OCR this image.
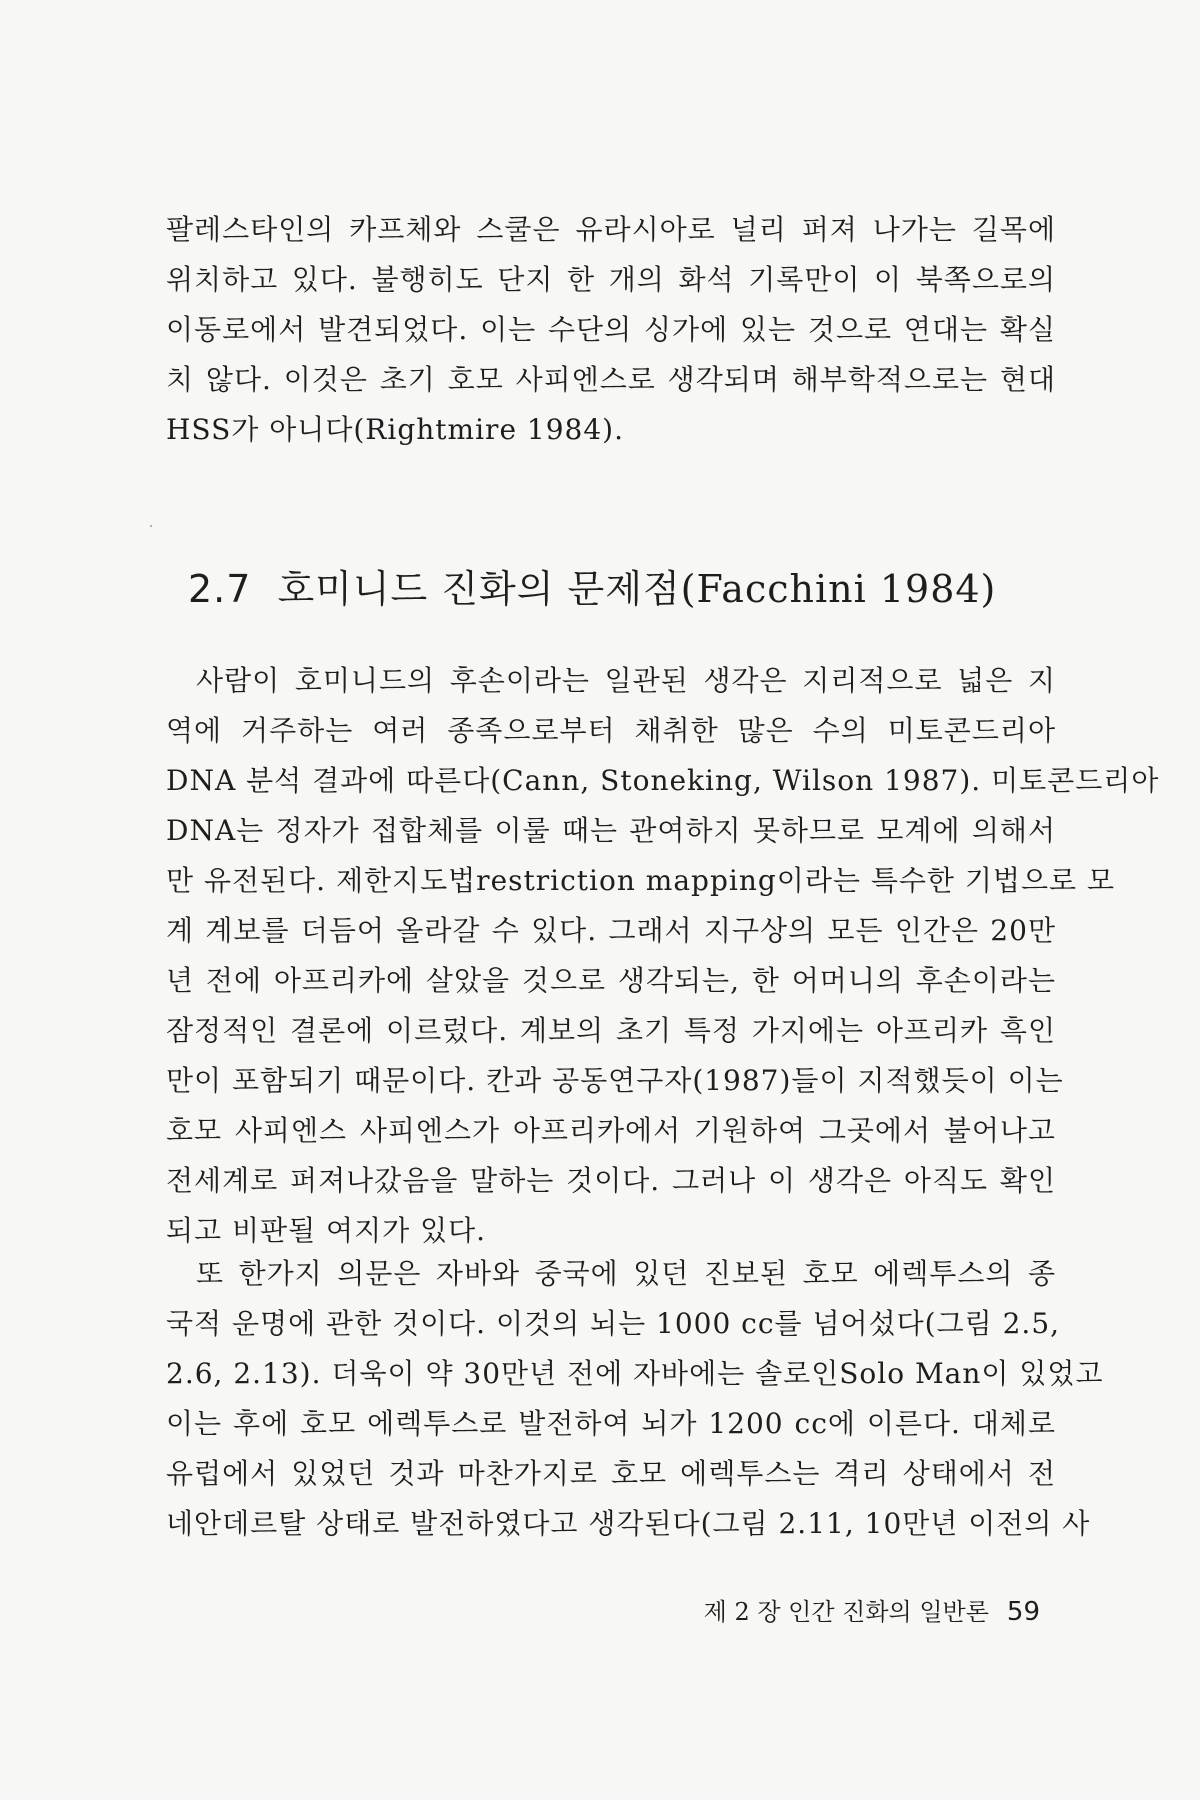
팔레스타인의 카프체와 스쿨은 유라시아로 널리 퍼져 나가는 길목에
위치하고 있다. 불행히도 단지 한 개의 화석 기록만이 이 북쪽으로의
이동로에서 발견되었다. 이는 수단의 싱가에 있는 것으로 연대는 확실
치 않다. 이것은 초기 호모 사피엔스로 생각되며 해부학적으로는 현대
HSS가 아니다(Rightmire 1984).
2.7 호미니드 진화의 문제점(Facchini 1984)
사람이 호미니드의 후손이라는 일관된 생각은 지리적으로 넓은 지
역에 거주하는 여러 종족으로부터 채취한 많은 수의 미토콘드리아
DNA 분석 결과에 따른다(Cann, Stoneking, Wilson 1987). 미토콘드리아
DNA는 정자가 접합체를 이룰 때는 관여하지 못하므로 모계에 의해서
만 유전된다. 제한지도법restriction mapping이라는 특수한 기법으로 모
계 계보를 더듬어 올라갈 수 있다. 그래서 지구상의 모든 인간은 20만
년 전에 아프리카에 살았을 것으로 생각되는, 한 어머니의 후손이라는
잠정적인 결론에 이르렀다. 계보의 초기 특정 가지에는 아프리카 흑인
만이 포함되기 때문이다. 칸과 공동연구자(1987)들이 지적했듯이 이는
호모 사피엔스 사피엔스가 아프리카에서 기원하여 그곳에서 불어나고
전세계로 퍼져나갔음을 말하는 것이다. 그러나 이 생각은 아직도 확인
되고 비판될 여지가 있다.
또 한가지 의문은 자바와 중국에 있던 진보된 호모 에렉투스의 종
국적 운명에 관한 것이다. 이것의 뇌는 1000 cc를 넘어섰다(그림 2.5,
2.6, 2.13). 더욱이 약 30만년 전에 자바에는 솔로인Solo Man이 있었고
이는 후에 호모 에렉투스로 발전하여 뇌가 1200 cc에 이른다. 대체로
유럽에서 있었던 것과 마찬가지로 호모 에렉투스는 격리 상태에서 전
네안데르탈 상태로 발전하였다고 생각된다(그림 2.11, 10만년 이전의 사
제 2 장 인간 진화의 일반론 59
